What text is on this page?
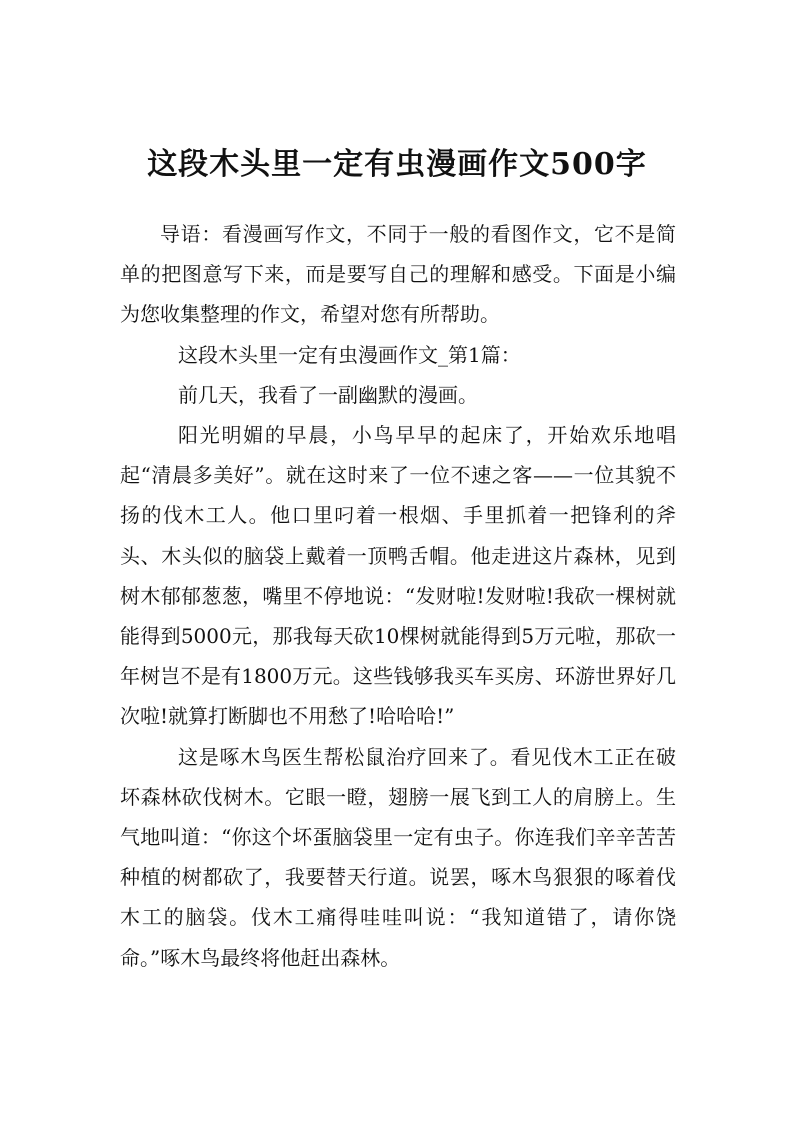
这段木头里一定有虫漫画作文500字

导语：看漫画写作文，不同于一般的看图作文，它不是简单的把图意写下来，而是要写自己的理解和感受。下面是小编为您收集整理的作文，希望对您有所帮助。

这段木头里一定有虫漫画作文_第1篇：

前几天，我看了一副幽默的漫画。

阳光明媚的早晨，小鸟早早的起床了，开始欢乐地唱起“清晨多美好”。就在这时来了一位不速之客——一位其貌不扬的伐木工人。他口里叼着一根烟、手里抓着一把锋利的斧头、木头似的脑袋上戴着一顶鸭舌帽。他走进这片森林，见到树木郁郁葱葱，嘴里不停地说：“发财啦!发财啦!我砍一棵树就能得到5000元，那我每天砍10棵树就能得到5万元啦，那砍一年树岂不是有1800万元。这些钱够我买车买房、环游世界好几次啦!就算打断脚也不用愁了!哈哈哈!”

这是啄木鸟医生帮松鼠治疗回来了。看见伐木工正在破坏森林砍伐树木。它眼一瞪，翅膀一展飞到工人的肩膀上。生气地叫道：“你这个坏蛋脑袋里一定有虫子。你连我们辛辛苦苦种植的树都砍了，我要替天行道。说罢，啄木鸟狠狠的啄着伐木工的脑袋。伐木工痛得哇哇叫说：“我知道错了，请你饶命。”啄木鸟最终将他赶出森林。
